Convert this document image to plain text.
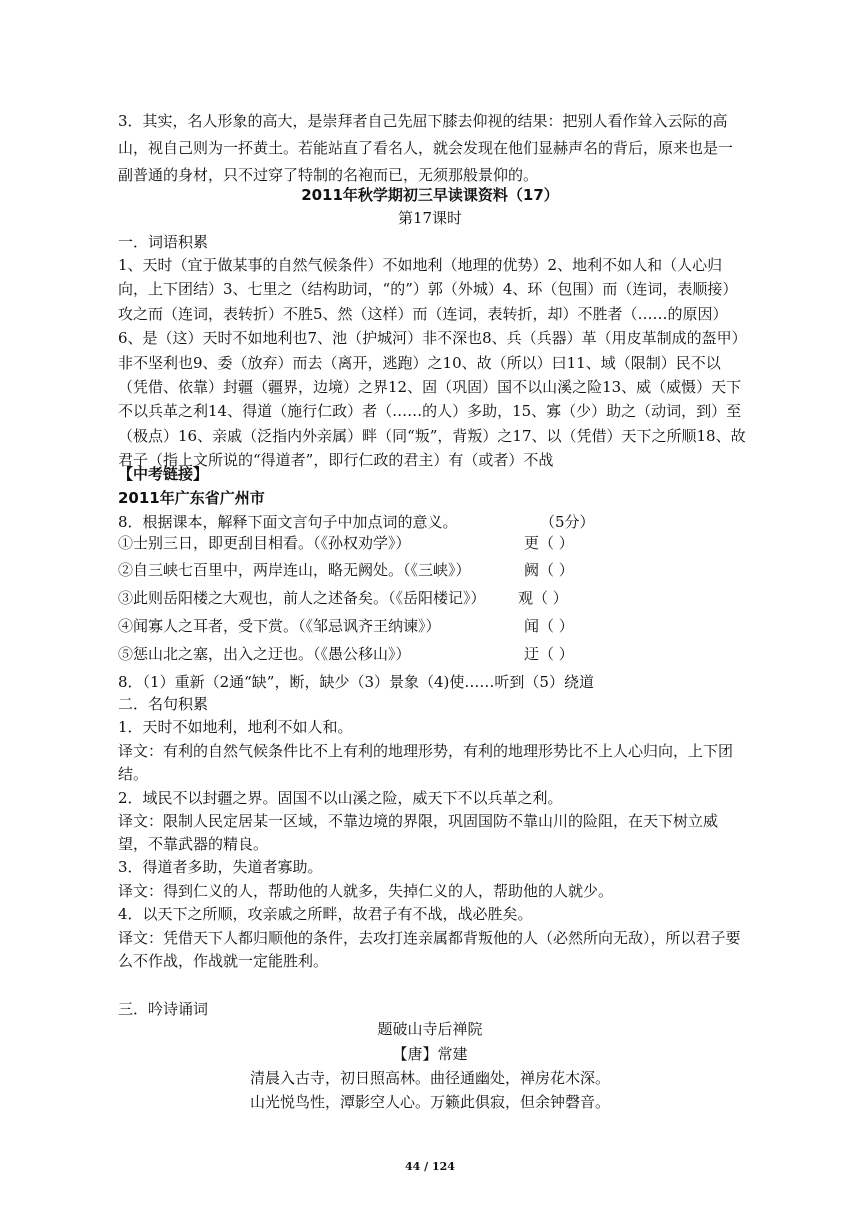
3．其实，名人形象的高大，是崇拜者自己先屈下膝去仰视的结果：把别人看作耸入云际的高山，视自己则为一抔黄土。若能站直了看名人，就会发现在他们显赫声名的背后，原来也是一副普通的身材，只不过穿了特制的名袍而已，无须那般景仰的。
2011年秋学期初三早读课资料（17）
第17课时
一．词语积累
1、天时（宜于做某事的自然气候条件）不如地利（地理的优势）2、地利不如人和（人心归向，上下团结）3、七里之（结构助词，“的”）郭（外城）4、环（包围）而（连词，表顺接）攻之而（连词，表转折）不胜5、然（这样）而（连词，表转折，却）不胜者（……的原因）6、是（这）天时不如地利也7、池（护城河）非不深也8、兵（兵器）革（用皮革制成的盔甲）非不坚利也9、委（放弃）而去（离开，逃跑）之10、故（所以）曰11、域（限制）民不以（凭借、依靠）封疆（疆界，边境）之界12、固（巩固）国不以山溪之险13、威（威慑）天下不以兵革之利14、得道（施行仁政）者（……的人）多助，15、寡（少）助之（动词，到）至（极点）16、亲戚（泛指内外亲属）畔（同“叛”，背叛）之17、以（凭借）天下之所顺18、故君子（指上文所说的“得道者”，即行仁政的君主）有（或者）不战
【中考链接】
2011年广东省广州市
8．根据课本，解释下面文言句子中加点词的意义。	（5分）
①士别三日，即更刮目相看。（《孙权劝学》）	更（ ）
②自三峡七百里中，两岸连山，略无阙处。（《三峡》）	阙（ ）
③此则岳阳楼之大观也，前人之述备矣。（《岳阳楼记》） 观（ ）
④闻寡人之耳者，受下赏。（《邹忌讽齐王纳谏》）	闻（ ）
⑤惩山北之塞，出入之迂也。（《愚公移山》）	迂（ ）
8．（1）重新（2通“缺”，断，缺少（3）景象（4)使……听到（5）绕道
二．名句积累
1．天时不如地利，地利不如人和。
译文：有利的自然气候条件比不上有利的地理形势，有利的地理形势比不上人心归向，上下团结。
2．域民不以封疆之界。固国不以山溪之险，威天下不以兵革之利。
译文：限制人民定居某一区域，不靠边境的界限，巩固国防不靠山川的险阻，在天下树立威望，不靠武器的精良。
3．得道者多助，失道者寡助。
译文：得到仁义的人，帮助他的人就多，失掉仁义的人，帮助他的人就少。
4．以天下之所顺，攻亲戚之所畔，故君子有不战，战必胜矣。
译文：凭借天下人都归顺他的条件，去攻打连亲属都背叛他的人（必然所向无敌），所以君子要么不作战，作战就一定能胜利。
三．吟诗诵词
题破山寺后禅院
【唐】常建
清晨入古寺，初日照高林。曲径通幽处，禅房花木深。
山光悦鸟性，潭影空人心。万籁此俱寂，但余钟磬音。
44 / 124
